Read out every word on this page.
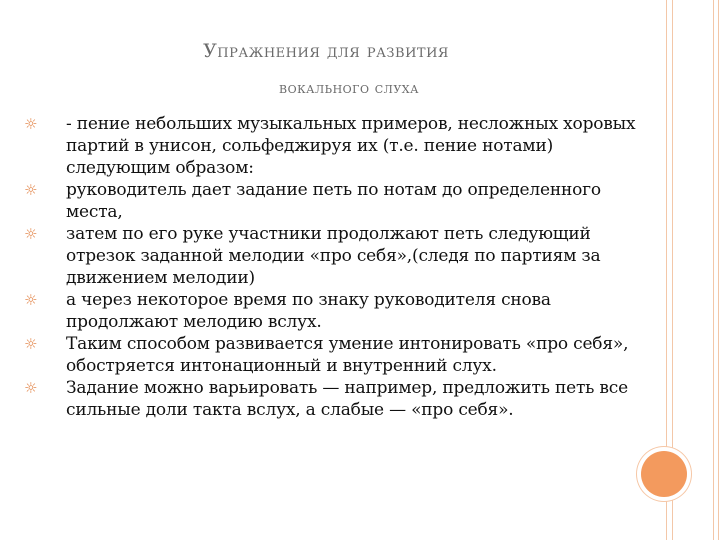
Упражнения для развития
вокального слуха
☼ - пение небольших музыкальных примеров, несложных хоровых партий в унисон, сольфеджируя их (т.е. пение нотами) следующим образом:
☼ руководитель дает задание петь по нотам до определенного места,
☼ затем по его руке участники продолжают петь следующий отрезок заданной мелодии «про себя»,(следя по партиям за движением мелодии)
☼ а через некоторое время по знаку руководителя снова продолжают мелодию вслух.
☼ Таким способом развивается умение интонировать «про себя», обостряется интонационный и внутренний слух.
☼ Задание можно варьировать — например, предложить петь все сильные доли такта вслух, а слабые — «про себя».
